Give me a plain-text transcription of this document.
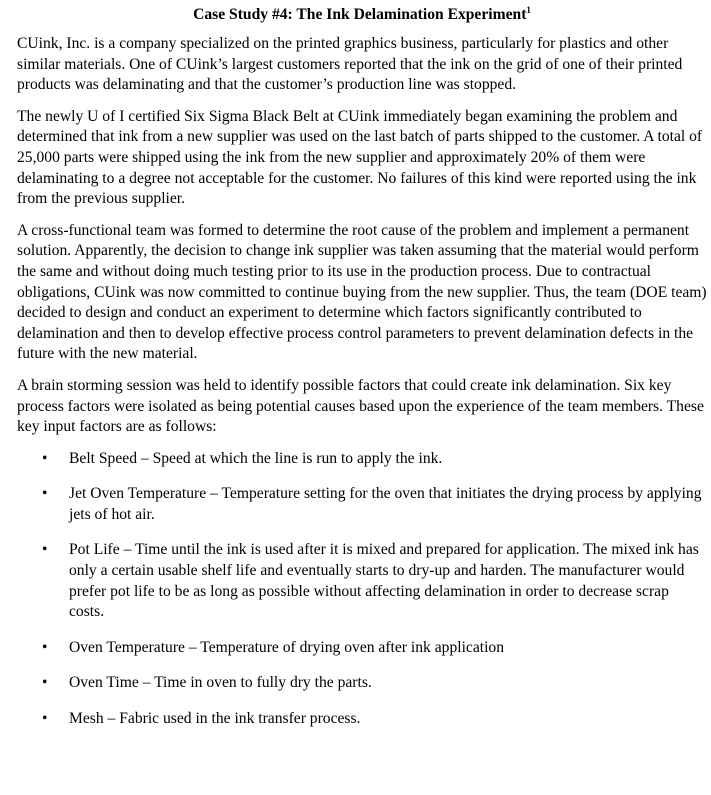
Case Study #4: The Ink Delamination Experiment$^1$

CUink, Inc. is a company specialized on the printed graphics business, particularly for plastics and other similar materials. One of CUink’s largest customers reported that the ink on the grid of one of their printed products was delaminating and that the customer’s production line was stopped.

The newly U of I certified Six Sigma Black Belt at CUink immediately began examining the problem and determined that ink from a new supplier was used on the last batch of parts shipped to the customer. A total of 25,000 parts were shipped using the ink from the new supplier and approximately 20% of them were delaminating to a degree not acceptable for the customer. No failures of this kind were reported using the ink from the previous supplier.

A cross-functional team was formed to determine the root cause of the problem and implement a permanent solution. Apparently, the decision to change ink supplier was taken assuming that the material would perform the same and without doing much testing prior to its use in the production process. Due to contractual obligations, CUink was now committed to continue buying from the new supplier. Thus, the team (DOE team) decided to design and conduct an experiment to determine which factors significantly contributed to delamination and then to develop effective process control parameters to prevent delamination defects in the future with the new material.

A brain storming session was held to identify possible factors that could create ink delamination. Six key process factors were isolated as being potential causes based upon the experience of the team members. These key input factors are as follows:

• Belt Speed – Speed at which the line is run to apply the ink.
• Jet Oven Temperature – Temperature setting for the oven that initiates the drying process by applying jets of hot air.
• Pot Life – Time until the ink is used after it is mixed and prepared for application. The mixed ink has only a certain usable shelf life and eventually starts to dry-up and harden. The manufacturer would prefer pot life to be as long as possible without affecting delamination in order to decrease scrap costs.
• Oven Temperature – Temperature of drying oven after ink application
• Oven Time – Time in oven to fully dry the parts.
• Mesh – Fabric used in the ink transfer process.
